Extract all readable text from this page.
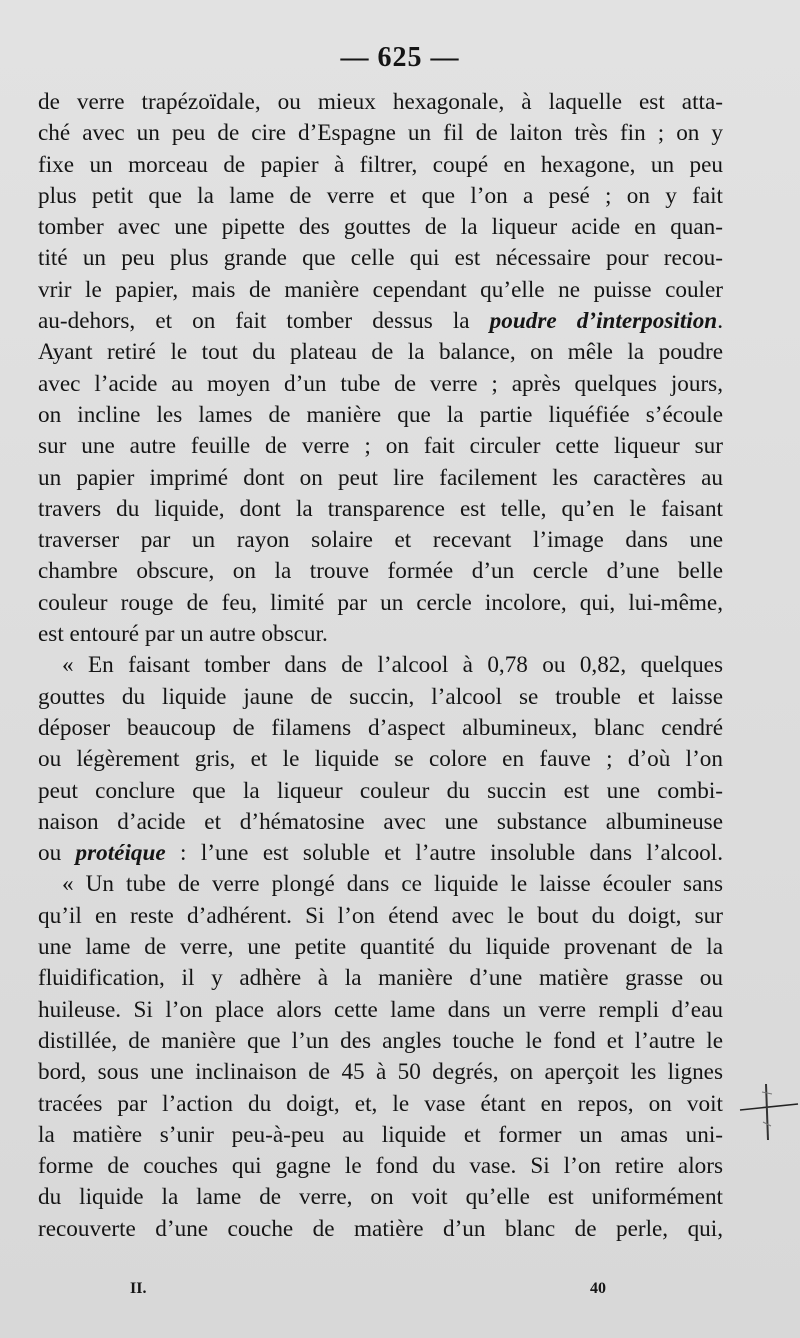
— 625 —
de verre trapézoïdale, ou mieux hexagonale, à laquelle est atta-
ché avec un peu de cire d’Espagne un fil de laiton très fin ; on y
fixe un morceau de papier à filtrer, coupé en hexagone, un peu
plus petit que la lame de verre et que l’on a pesé ; on y fait
tomber avec une pipette des gouttes de la liqueur acide en quan-
tité un peu plus grande que celle qui est nécessaire pour recou-
vrir le papier, mais de manière cependant qu’elle ne puisse couler
au-dehors, et on fait tomber dessus la poudre d’interposition.
Ayant retiré le tout du plateau de la balance, on mêle la poudre
avec l’acide au moyen d’un tube de verre ; après quelques jours,
on incline les lames de manière que la partie liquéfiée s’écoule
sur une autre feuille de verre ; on fait circuler cette liqueur sur
un papier imprimé dont on peut lire facilement les caractères au
travers du liquide, dont la transparence est telle, qu’en le faisant
traverser par un rayon solaire et recevant l’image dans une
chambre obscure, on la trouve formée d’un cercle d’une belle
couleur rouge de feu, limité par un cercle incolore, qui, lui-même,
est entouré par un autre obscur.
« En faisant tomber dans de l’alcool à 0,78 ou 0,82, quelques
gouttes du liquide jaune de succin, l’alcool se trouble et laisse
déposer beaucoup de filamens d’aspect albumineux, blanc cendré
ou légèrement gris, et le liquide se colore en fauve ; d’où l’on
peut conclure que la liqueur couleur du succin est une combi-
naison d’acide et d’hématosine avec une substance albumineuse
ou protéique : l’une est soluble et l’autre insoluble dans l’alcool.
« Un tube de verre plongé dans ce liquide le laisse écouler sans
qu’il en reste d’adhérent. Si l’on étend avec le bout du doigt, sur
une lame de verre, une petite quantité du liquide provenant de la
fluidification, il y adhère à la manière d’une matière grasse ou
huileuse. Si l’on place alors cette lame dans un verre rempli d’eau
distillée, de manière que l’un des angles touche le fond et l’autre le
bord, sous une inclinaison de 45 à 50 degrés, on aperçoit les lignes
tracées par l’action du doigt, et, le vase étant en repos, on voit
la matière s’unir peu-à-peu au liquide et former un amas uni-
forme de couches qui gagne le fond du vase. Si l’on retire alors
du liquide la lame de verre, on voit qu’elle est uniformément
recouverte d’une couche de matière d’un blanc de perle, qui,
II.	40
